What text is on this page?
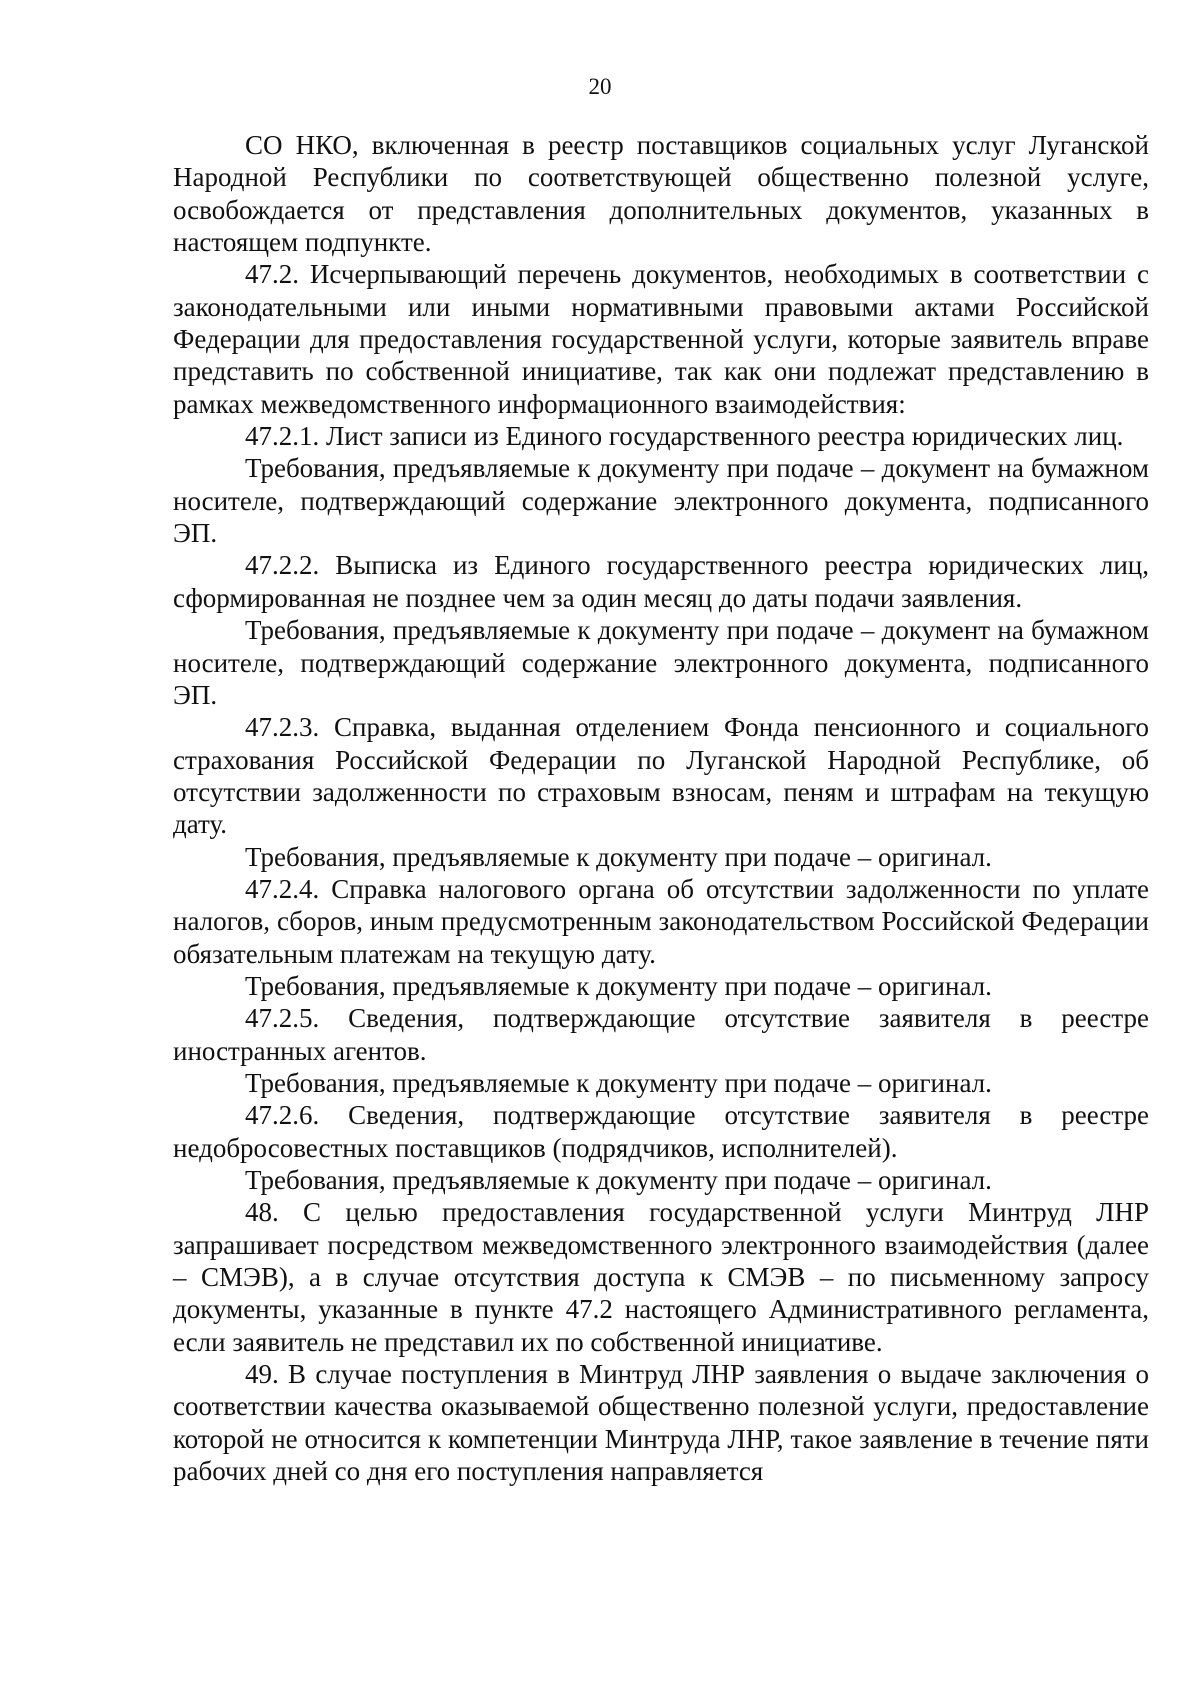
20

СО НКО, включенная в реестр поставщиков социальных услуг Луганской Народной Республики по соответствующей общественно полезной услуге, освобождается от представления дополнительных документов, указанных в настоящем подпункте.

47.2. Исчерпывающий перечень документов, необходимых в соответствии с законодательными или иными нормативными правовыми актами Российской Федерации для предоставления государственной услуги, которые заявитель вправе представить по собственной инициативе, так как они подлежат представлению в рамках межведомственного информационного взаимодействия:

47.2.1. Лист записи из Единого государственного реестра юридических лиц.

Требования, предъявляемые к документу при подаче – документ на бумажном носителе, подтверждающий содержание электронного документа, подписанного ЭП.

47.2.2. Выписка из Единого государственного реестра юридических лиц, сформированная не позднее чем за один месяц до даты подачи заявления.

Требования, предъявляемые к документу при подаче – документ на бумажном носителе, подтверждающий содержание электронного документа, подписанного ЭП.

47.2.3. Справка, выданная отделением Фонда пенсионного и социального страхования Российской Федерации по Луганской Народной Республике, об отсутствии задолженности по страховым взносам, пеням и штрафам на текущую дату.

Требования, предъявляемые к документу при подаче – оригинал.

47.2.4. Справка налогового органа об отсутствии задолженности по уплате налогов, сборов, иным предусмотренным законодательством Российской Федерации обязательным платежам на текущую дату.

Требования, предъявляемые к документу при подаче – оригинал.

47.2.5. Сведения, подтверждающие отсутствие заявителя в реестре иностранных агентов.

Требования, предъявляемые к документу при подаче – оригинал.

47.2.6. Сведения, подтверждающие отсутствие заявителя в реестре недобросовестных поставщиков (подрядчиков, исполнителей).

Требования, предъявляемые к документу при подаче – оригинал.

48. С целью предоставления государственной услуги Минтруд ЛНР запрашивает посредством межведомственного электронного взаимодействия (далее – СМЭВ), а в случае отсутствия доступа к СМЭВ – по письменному запросу документы, указанные в пункте 47.2 настоящего Административного регламента, если заявитель не представил их по собственной инициативе.

49. В случае поступления в Минтруд ЛНР заявления о выдаче заключения о соответствии качества оказываемой общественно полезной услуги, предоставление которой не относится к компетенции Минтруда ЛНР, такое заявление в течение пяти рабочих дней со дня его поступления направляется
